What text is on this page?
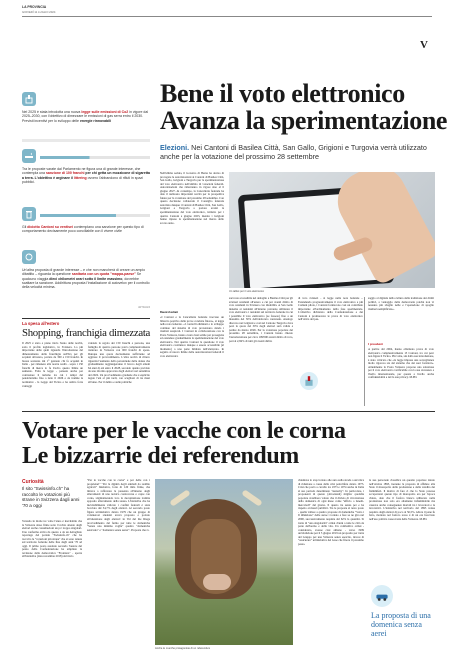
LA PROVINCIA
GIOVEDÌ 11 LUGLIO 2024
V
Bene il voto elettronico
Avanza la sperimentazione
Elezioni. Nei Cantoni di Basilea Città, San Gallo, Grigioni e Turgovia verrà utilizzato anche per la votazione del prossimo 28 settembre
Nel 2025 è stata introdotta una nuova legge sulle emissioni di Co2 in vigore dal 2025–2030, con l'obiettivo di dimezzare le emissioni di gas serra entro il 2030. Previsti incentivi per lo sviluppo delle energie rinnovabili
Tra le proposte varate dal Parlamento ne figura una di grande interesse, che contempla una sanzione di 100 franchi per chi getta un mozzicone di sigaretta a terra. L'obiettivo è arginare il littering ovvero l'abbandono di rifiuti in spazi pubblici.
Gli diciotto Cantoni su ventisei contemplano una sanzione per questo tipo di comportamento decisamente poco conciliabile con il vivere civile
Un'altra proposta di grande interesse – e che non mancherà di creare un ampio dibattito – riguarda la questione sanitaria con un quota "mappa-paese" Se qualcuno viaggia dieci chilometri orari sotto il limite massimo, dovrebbe scattare la sanzione. Addirittura proposta l'installazione di autovelox per il controllo della velocità minima.
ARTIGIANI
Nell'ultima seduta, il Governo di Berna ha deciso di prorogare le autorizzazioni ai Cantoni di Basilea Città, San Gallo, Grigioni e Turgovia per la sperimentazione del voto elettronico nell'ambito di votazioni federali. Autorizzazioni che rimarranno in vigore sino al 6 giugno 2027. Al contempo, la Cancelleria federale ha dato il nullaosta importanti novità per la prospettiva future per la votazione del prossimo 28 settembre. Con questa decisione collaterale il Consiglio federale autorizza dunque i Cantoni di Basilea Città, San Gallo, Grigioni e Turgovia a portare avanti la sperimentazione del voto elettronico, istituito per i quattro Cantoni a giugno 2023, mentre i Grigioni hanno ripreso la sperimentazione nel marzo dello scorso anno.
Un tablet per il voto elettronico
Buoni risultati
«I Cantoni e la Cancelleria federale traccano un bilancio positivo delle prove condotte finora», si legge nella nota federale. «I controlli eliminati e lo sviluppo continuo del sistema di voto provenzano dando i risultati auspicati. I Cantoni in collaborazione con la Posta Svizzera, hanno creato basi solide per proseguire ed estendere gradualmente la sperimentazione del voto elettronico. Nei quattro Cantoni la questione il voto elettronico costituisce dunque a essere accessibile (al momento) a una parte limitata dell'elettorato. In seguito al nuovo limite delle autorizzazioni federali il voto elettronico
sarà non accessibile nel dettaglio a Basilea Città per gli svizzeri residenti all'estero e cui per aventi diritto di voto residenti in Svizzera con disabilità. A San Gallo insieme ai residenti all'interno potranno utilizzare il voto elettronico i residenti sul territorio federale in cui i possibile il voto elettronico (se fossero) fino a un massimo del 30% dell'elettorato cantonale. Analogo discorso nei Grigioni e così nel Cantone Turgovia dove però la quota del 30% degli elettori sarà valida a partire da marzo 2026. Per la votazione popolare del prossimo 28 settembre, i Cantoni hanno chiesto l'autorizzazione per circa 109'000 aventi diritto di voto, pari al 2,84% di tutti gli aventi diritto
di voto svizzeri - si legge nella nota federale -. Estendendo progressivamente il voto elettronico a più Comuni pilota, i Cantoni forniscono così un contributo importante all'ordinamento della fase sperimentale. L'obiettivo dichiarato della Confederazione e dei Cantoni è promuovere le prove di voto elettronico nell'ottica del pas-
saggio al digitale della cultura della tradizione dei diritti politici, a vantaggio della democrazia poiché non vi nessuno più sbaglio nelle e l'operazione di spoglio risulterà semplificata».
I precedenti
A partire dal 2004, hanno effettuato prove di voto elettronico complessivamente 15 Cantoni, tra cui però non figura il Ticino. Più volte, sin dalla sua introduzione, è stato criticato che «la legge impone una sorveglianza molto rigorosa sia del sistema che dei suoi fornitori». Attualmente la Posta Svizzera propone una soluzione per il voto elettronico verificabile con la sua sicurezza a livello internazionale, per questa a livello anche confidenzialità e del la sua privacy. M.PD.
La spesa all'estero
Shopping, franchigia dimezzata
Il 2025 è stato a pieno titolo l'anno delle novità, sotto il profilo legislativo, in Svizzera. La più importante delle quali riguarda l'introduzione del dimezzamento della franchigia sull'Iva per gli acquisti all'estero, portata da 300 a 150 franchi. In buona sostanza dal 1° gennaio chi fa acquisti in Italia - per rimanere alla nostra realtà - sopra i 150 franchi di merce lo fa Uscito questo limite un aumento. Fatta la legge - pensata anche per contrastare il turismo tra cui i tempi del pendolarismo fino a tutto il 2026 e da tramite le normative - la Legge del Ticino e ha subito forte vantaggi
valendo la regola dei 150 franchi a persona, una famiglia di quattro persone potrà complessivamente rientrare in Svizzera con 600 franchi di spesa. Dunque una quota decisamente sufficiente ad aggirare il provvedimento. L'altra novità di rilievo riguarda l'aumento della percentuale delle donne che gradualmente raggiungeranno il lavoro degli attuali 64 anni di età entro il 2028, secondo quanto previsto da una riforma approvata dagli elettori nel settembre del 2022. Un provvedimento graduale che è esplicito legato l'età al più tardi, con scaglioni di tre mesi all'anno. Per il debito e sulle politiche
Votare per le vacche con le corna
Le bizzarrie dei referendum
Curiosità
Il sito "Swissinfo.ch" ha raccolto le votazioni più strane in Svizzera dagli anni '70 a oggi
Votando in molte tre volte l'anno è inevitabile che la Svizzera sinso finite sotto l'occhio attento degli elettori anche consultazioni un po' troppo singolari. Una conferma arriva da questo a da un dettagliato reportage del portale "Swissinfo.ch" che ha raccolto le "votazioni più strane" che si sono tenute sul territorio federale delle fine degli anni '70 ad oggi. Il primo posto assoluto secondo l'autore del pezzo della Confederazione ha ampliato la revisione della democratica "Frontiera" - aperta all'iniziativa (data novembre 2018) dal titolo
"Per le vacche con le corna" e per delle con i proprietari" "Per la dignità degli animali da reddito agricoli" Iniziativa, forte di 120 mila firme, che mirava a rafforzare la presenza all'interno degli allevamenti di una tecnica controversa e capre con corna, stigmatizzando loro la decapitazione tramite apposito allevamento della stessa. L'iniziativa che ha inevitabilmente valicato i confini federali è stata bocciata dal 54,7% degli elettori. Al secondo posto figura un'iniziativa datata 1979 che un gruppo di volenterosi studenti aveva proposto e portato all'attenzione degli elettori: in Val del the Riege provvedimento del fermo per tutte le domeniche "Senza una minima voglia" quattro "domeniche senz'auto" e "domenica senza serrer". Proposta che ri-
Anche le mucche protagoniste di un referendum
chiamava lo stop forzato alle auto sulla strada a un'ottica di riduzione a causa della crisi petrolifera datato 1973. Crisi che portò a cavallo tra 1973 e 1974 anche in Italia al suo periodo denominato "austerity". In particolare, i proponenti di questo (abrozzanti) miglior quotidie popolare avrebbero voluto che il divieto di circolazione della domenica di ogni mese come "ufficio o lunedì-mercoledì" del giorno. Il questo tra senza per e ha rispetto ai mezzi pubblici. Tra le proposte al terzo posto - quella vallare a quattro proposte di domeniche "Sotto i Il diluizione" delle autoe i tornaio a fare se ne gira nel 2000, successivamente respinta dal 62% la quantità. Si tratta di "una singolarità" ormai d'anni a tutte le città da parte dell'uomo e della vita. Un combattivo ormai - considerato, avesse cioè almeno - verso 1999 un'abolizione per il 5 giugno 2019 un proposito per tratta del Gruppo per una Svizzera senza esercito, invece di "assicurare" un'iniziativa del Gsse che finora il prossimo passo.
la sua personale classifica un quesito popolare datato nell'ottobre 1895, inerente la proposta di affidare alla Stato il monopolio della produzione e della vendita dei fiammiferi. Il motivo di fare ci che lo Stato potesse accaparrarsi queste tipo di monopolio era per l'epoca chiaro, dato che il fosforo bianco utilizzato nella produzione non solo era altamente infiammabile ma causava anche conseguenze mortali tra i lavoratori e le lavoratrici. L'iniziativa nel territorio del 1895 venne respinto dagli elettori di poco al 56,5%. Allora il pane fu fatto, montato nel fosforo rosso è di un era fuorviato nell'uso politica rossocrazia della Svizzera. M.PD.
La proposta di una domenica senza aerei
